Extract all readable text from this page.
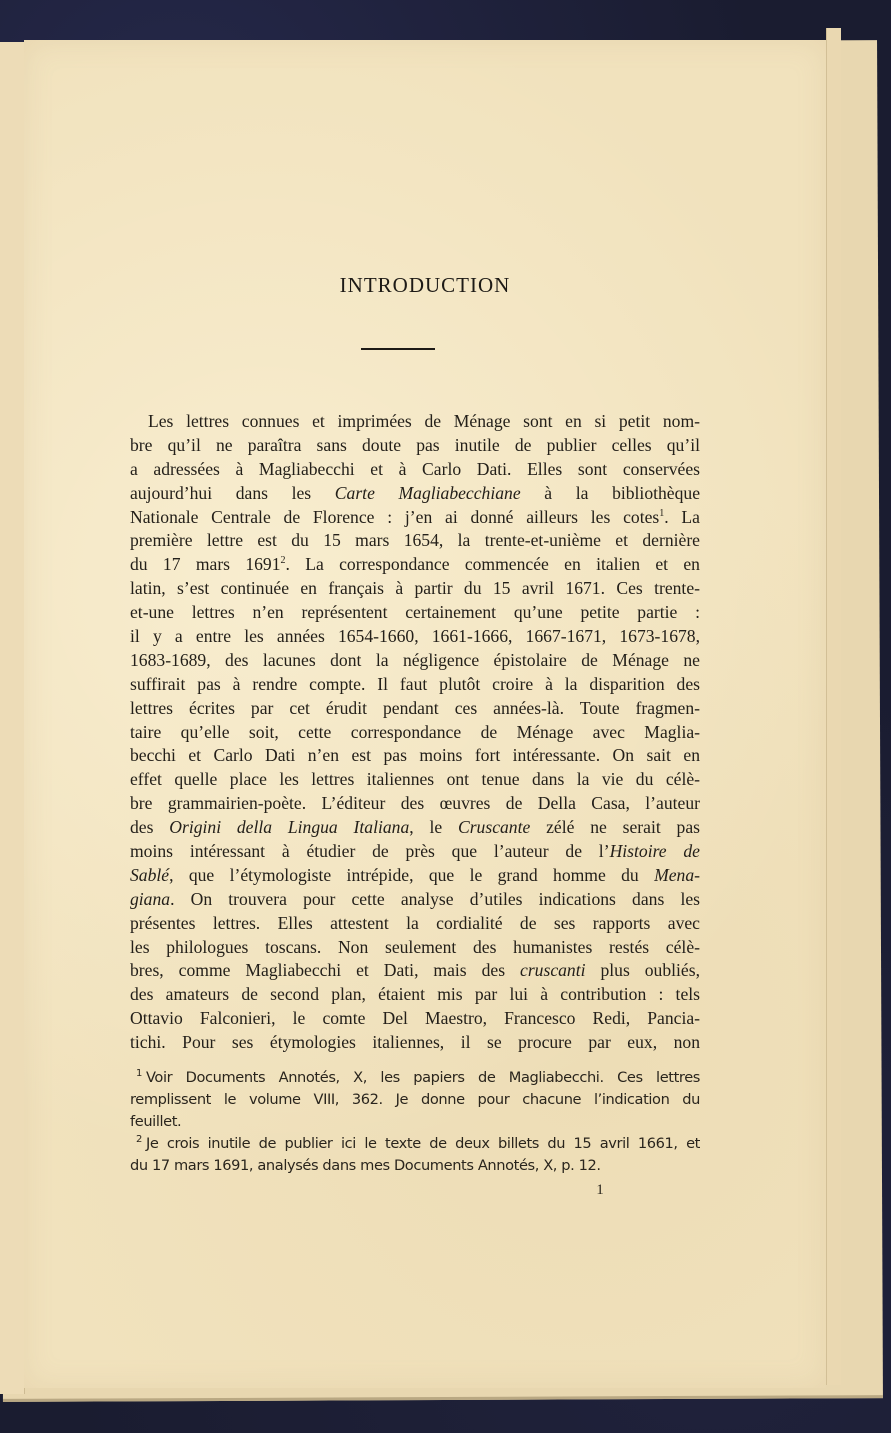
INTRODUCTION
Les lettres connues et imprimées de Ménage sont en si petit nom-
bre qu’il ne paraîtra sans doute pas inutile de publier celles qu’il
a adressées à Magliabecchi et à Carlo Dati. Elles sont conservées
aujourd’hui dans les Carte Magliabecchiane à la bibliothèque
Nationale Centrale de Florence : j’en ai donné ailleurs les cotes$^1$. La
première lettre est du 15 mars 1654, la trente-et-unième et dernière
du 17 mars 1691$^2$. La correspondance commencée en italien et en
latin, s’est continuée en français à partir du 15 avril 1671. Ces trente-
et-une lettres n’en représentent certainement qu’une petite partie :
il y a entre les années 1654-1660, 1661-1666, 1667-1671, 1673-1678,
1683-1689, des lacunes dont la négligence épistolaire de Ménage ne
suffirait pas à rendre compte. Il faut plutôt croire à la disparition des
lettres écrites par cet érudit pendant ces années-là. Toute fragmen-
taire qu’elle soit, cette correspondance de Ménage avec Maglia-
becchi et Carlo Dati n’en est pas moins fort intéressante. On sait en
effet quelle place les lettres italiennes ont tenue dans la vie du célè-
bre grammairien-poète. L’éditeur des œuvres de Della Casa, l’auteur
des Origini della Lingua Italiana, le Cruscante zélé ne serait pas
moins intéressant à étudier de près que l’auteur de l’Histoire de
Sablé, que l’étymologiste intrépide, que le grand homme du Mena-
giana. On trouvera pour cette analyse d’utiles indications dans les
présentes lettres. Elles attestent la cordialité de ses rapports avec
les philologues toscans. Non seulement des humanistes restés célè-
bres, comme Magliabecchi et Dati, mais des cruscanti plus oubliés,
des amateurs de second plan, étaient mis par lui à contribution : tels
Ottavio Falconieri, le comte Del Maestro, Francesco Redi, Pancia-
tichi. Pour ses étymologies italiennes, il se procure par eux, non
$^1$ Voir Documents Annotés, X, les papiers de Magliabecchi. Ces lettres
remplissent le volume VIII, 362. Je donne pour chacune l’indication du
feuillet.
$^2$ Je crois inutile de publier ici le texte de deux billets du 15 avril 1661, et
du 17 mars 1691, analysés dans mes Documents Annotés, X, p. 12.
1
